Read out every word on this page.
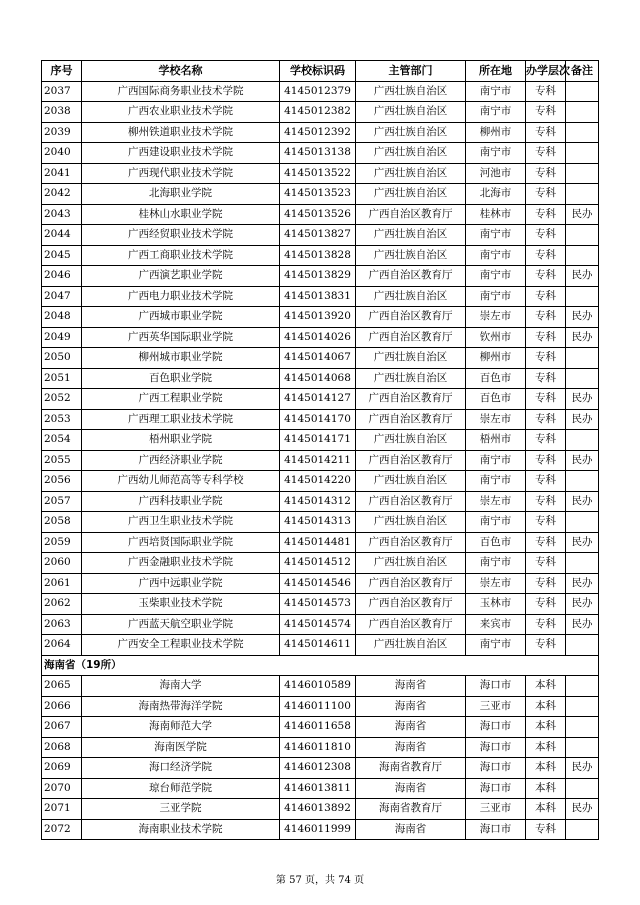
序号	学校名称	学校标识码	主管部门	所在地	办学层次	备注
2037	广西国际商务职业技术学院	4145012379	广西壮族自治区	南宁市	专科	
2038	广西农业职业技术学院	4145012382	广西壮族自治区	南宁市	专科	
2039	柳州铁道职业技术学院	4145012392	广西壮族自治区	柳州市	专科	
2040	广西建设职业技术学院	4145013138	广西壮族自治区	南宁市	专科	
2041	广西现代职业技术学院	4145013522	广西壮族自治区	河池市	专科	
2042	北海职业学院	4145013523	广西壮族自治区	北海市	专科	
2043	桂林山水职业学院	4145013526	广西自治区教育厅	桂林市	专科	民办
2044	广西经贸职业技术学院	4145013827	广西壮族自治区	南宁市	专科	
2045	广西工商职业技术学院	4145013828	广西壮族自治区	南宁市	专科	
2046	广西演艺职业学院	4145013829	广西自治区教育厅	南宁市	专科	民办
2047	广西电力职业技术学院	4145013831	广西壮族自治区	南宁市	专科	
2048	广西城市职业学院	4145013920	广西自治区教育厅	崇左市	专科	民办
2049	广西英华国际职业学院	4145014026	广西自治区教育厅	钦州市	专科	民办
2050	柳州城市职业学院	4145014067	广西壮族自治区	柳州市	专科	
2051	百色职业学院	4145014068	广西壮族自治区	百色市	专科	
2052	广西工程职业学院	4145014127	广西自治区教育厅	百色市	专科	民办
2053	广西理工职业技术学院	4145014170	广西自治区教育厅	崇左市	专科	民办
2054	梧州职业学院	4145014171	广西壮族自治区	梧州市	专科	
2055	广西经济职业学院	4145014211	广西自治区教育厅	南宁市	专科	民办
2056	广西幼儿师范高等专科学校	4145014220	广西壮族自治区	南宁市	专科	
2057	广西科技职业学院	4145014312	广西自治区教育厅	崇左市	专科	民办
2058	广西卫生职业技术学院	4145014313	广西壮族自治区	南宁市	专科	
2059	广西培贤国际职业学院	4145014481	广西自治区教育厅	百色市	专科	民办
2060	广西金融职业技术学院	4145014512	广西壮族自治区	南宁市	专科	
2061	广西中远职业学院	4145014546	广西自治区教育厅	崇左市	专科	民办
2062	玉柴职业技术学院	4145014573	广西自治区教育厅	玉林市	专科	民办
2063	广西蓝天航空职业学院	4145014574	广西自治区教育厅	来宾市	专科	民办
2064	广西安全工程职业技术学院	4145014611	广西壮族自治区	南宁市	专科	
海南省（19所）						
2065	海南大学	4146010589	海南省	海口市	本科	
2066	海南热带海洋学院	4146011100	海南省	三亚市	本科	
2067	海南师范大学	4146011658	海南省	海口市	本科	
2068	海南医学院	4146011810	海南省	海口市	本科	
2069	海口经济学院	4146012308	海南省教育厅	海口市	本科	民办
2070	琼台师范学院	4146013811	海南省	海口市	本科	
2071	三亚学院	4146013892	海南省教育厅	三亚市	本科	民办
2072	海南职业技术学院	4146011999	海南省	海口市	专科	
第 57 页，共 74 页
